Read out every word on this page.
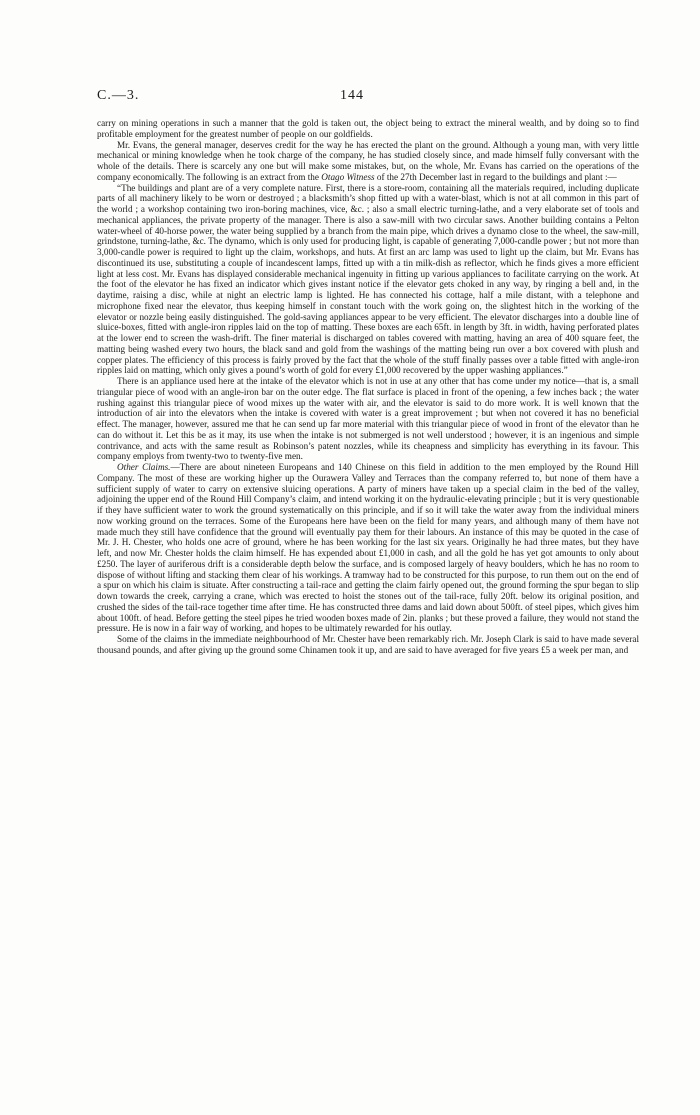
C.—3.	144

carry on mining operations in such a manner that the gold is taken out, the object being to extract the mineral wealth, and by doing so to find profitable employment for the greatest number of people on our goldfields.

Mr. Evans, the general manager, deserves credit for the way he has erected the plant on the ground. Although a young man, with very little mechanical or mining knowledge when he took charge of the company, he has studied closely since, and made himself fully conversant with the whole of the details. There is scarcely any one but will make some mistakes, but, on the whole, Mr. Evans has carried on the operations of the company economically. The following is an extract from the Otago Witness of the 27th December last in regard to the buildings and plant :—

“The buildings and plant are of a very complete nature. First, there is a store-room, containing all the materials required, including duplicate parts of all machinery likely to be worn or destroyed ; a blacksmith’s shop fitted up with a water-blast, which is not at all common in this part of the world ; a workshop containing two iron-boring machines, vice, &c. ; also a small electric turning-lathe, and a very elaborate set of tools and mechanical appliances, the private property of the manager. There is also a saw-mill with two circular saws. Another building contains a Pelton water-wheel of 40-horse power, the water being supplied by a branch from the main pipe, which drives a dynamo close to the wheel, the saw-mill, grindstone, turning-lathe, &c. The dynamo, which is only used for producing light, is capable of generating 7,000-candle power ; but not more than 3,000-candle power is required to light up the claim, workshops, and huts. At first an arc lamp was used to light up the claim, but Mr. Evans has discontinued its use, substituting a couple of incandescent lamps, fitted up with a tin milk-dish as reflector, which he finds gives a more efficient light at less cost. Mr. Evans has displayed considerable mechanical ingenuity in fitting up various appliances to facilitate carrying on the work. At the foot of the elevator he has fixed an indicator which gives instant notice if the elevator gets choked in any way, by ringing a bell and, in the daytime, raising a disc, while at night an electric lamp is lighted. He has connected his cottage, half a mile distant, with a telephone and microphone fixed near the elevator, thus keeping himself in constant touch with the work going on, the slightest hitch in the working of the elevator or nozzle being easily distinguished. The gold-saving appliances appear to be very efficient. The elevator discharges into a double line of sluice-boxes, fitted with angle-iron ripples laid on the top of matting. These boxes are each 65ft. in length by 3ft. in width, having perforated plates at the lower end to screen the wash-drift. The finer material is discharged on tables covered with matting, having an area of 400 square feet, the matting being washed every two hours, the black sand and gold from the washings of the matting being run over a box covered with plush and copper plates. The efficiency of this process is fairly proved by the fact that the whole of the stuff finally passes over a table fitted with angle-iron ripples laid on matting, which only gives a pound’s worth of gold for every £1,000 recovered by the upper washing appliances.”

There is an appliance used here at the intake of the elevator which is not in use at any other that has come under my notice—that is, a small triangular piece of wood with an angle-iron bar on the outer edge. The flat surface is placed in front of the opening, a few inches back ; the water rushing against this triangular piece of wood mixes up the water with air, and the elevator is said to do more work. It is well known that the introduction of air into the elevators when the intake is covered with water is a great improvement ; but when not covered it has no beneficial effect. The manager, however, assured me that he can send up far more material with this triangular piece of wood in front of the elevator than he can do without it. Let this be as it may, its use when the intake is not submerged is not well understood ; however, it is an ingenious and simple contrivance, and acts with the same result as Robinson’s patent nozzles, while its cheapness and simplicity has everything in its favour. This company employs from twenty-two to twenty-five men.

Other Claims.—There are about nineteen Europeans and 140 Chinese on this field in addition to the men employed by the Round Hill Company. The most of these are working higher up the Ourawera Valley and Terraces than the company referred to, but none of them have a sufficient supply of water to carry on extensive sluicing operations. A party of miners have taken up a special claim in the bed of the valley, adjoining the upper end of the Round Hill Company’s claim, and intend working it on the hydraulic-elevating principle ; but it is very questionable if they have sufficient water to work the ground systematically on this principle, and if so it will take the water away from the individual miners now working ground on the terraces. Some of the Europeans here have been on the field for many years, and although many of them have not made much they still have confidence that the ground will eventually pay them for their labours. An instance of this may be quoted in the case of Mr. J. H. Chester, who holds one acre of ground, where he has been working for the last six years. Originally he had three mates, but they have left, and now Mr. Chester holds the claim himself. He has expended about £1,000 in cash, and all the gold he has yet got amounts to only about £250. The layer of auriferous drift is a considerable depth below the surface, and is composed largely of heavy boulders, which he has no room to dispose of without lifting and stacking them clear of his workings. A tramway had to be constructed for this purpose, to run them out on the end of a spur on which his claim is situate. After constructing a tail-race and getting the claim fairly opened out, the ground forming the spur began to slip down towards the creek, carrying a crane, which was erected to hoist the stones out of the tail-race, fully 20ft. below its original position, and crushed the sides of the tail-race together time after time. He has constructed three dams and laid down about 500ft. of steel pipes, which gives him about 100ft. of head. Before getting the steel pipes he tried wooden boxes made of 2in. planks ; but these proved a failure, they would not stand the pressure. He is now in a fair way of working, and hopes to be ultimately rewarded for his outlay.

Some of the claims in the immediate neighbourhood of Mr. Chester have been remarkably rich. Mr. Joseph Clark is said to have made several thousand pounds, and after giving up the ground some Chinamen took it up, and are said to have averaged for five years £5 a week per man, and
